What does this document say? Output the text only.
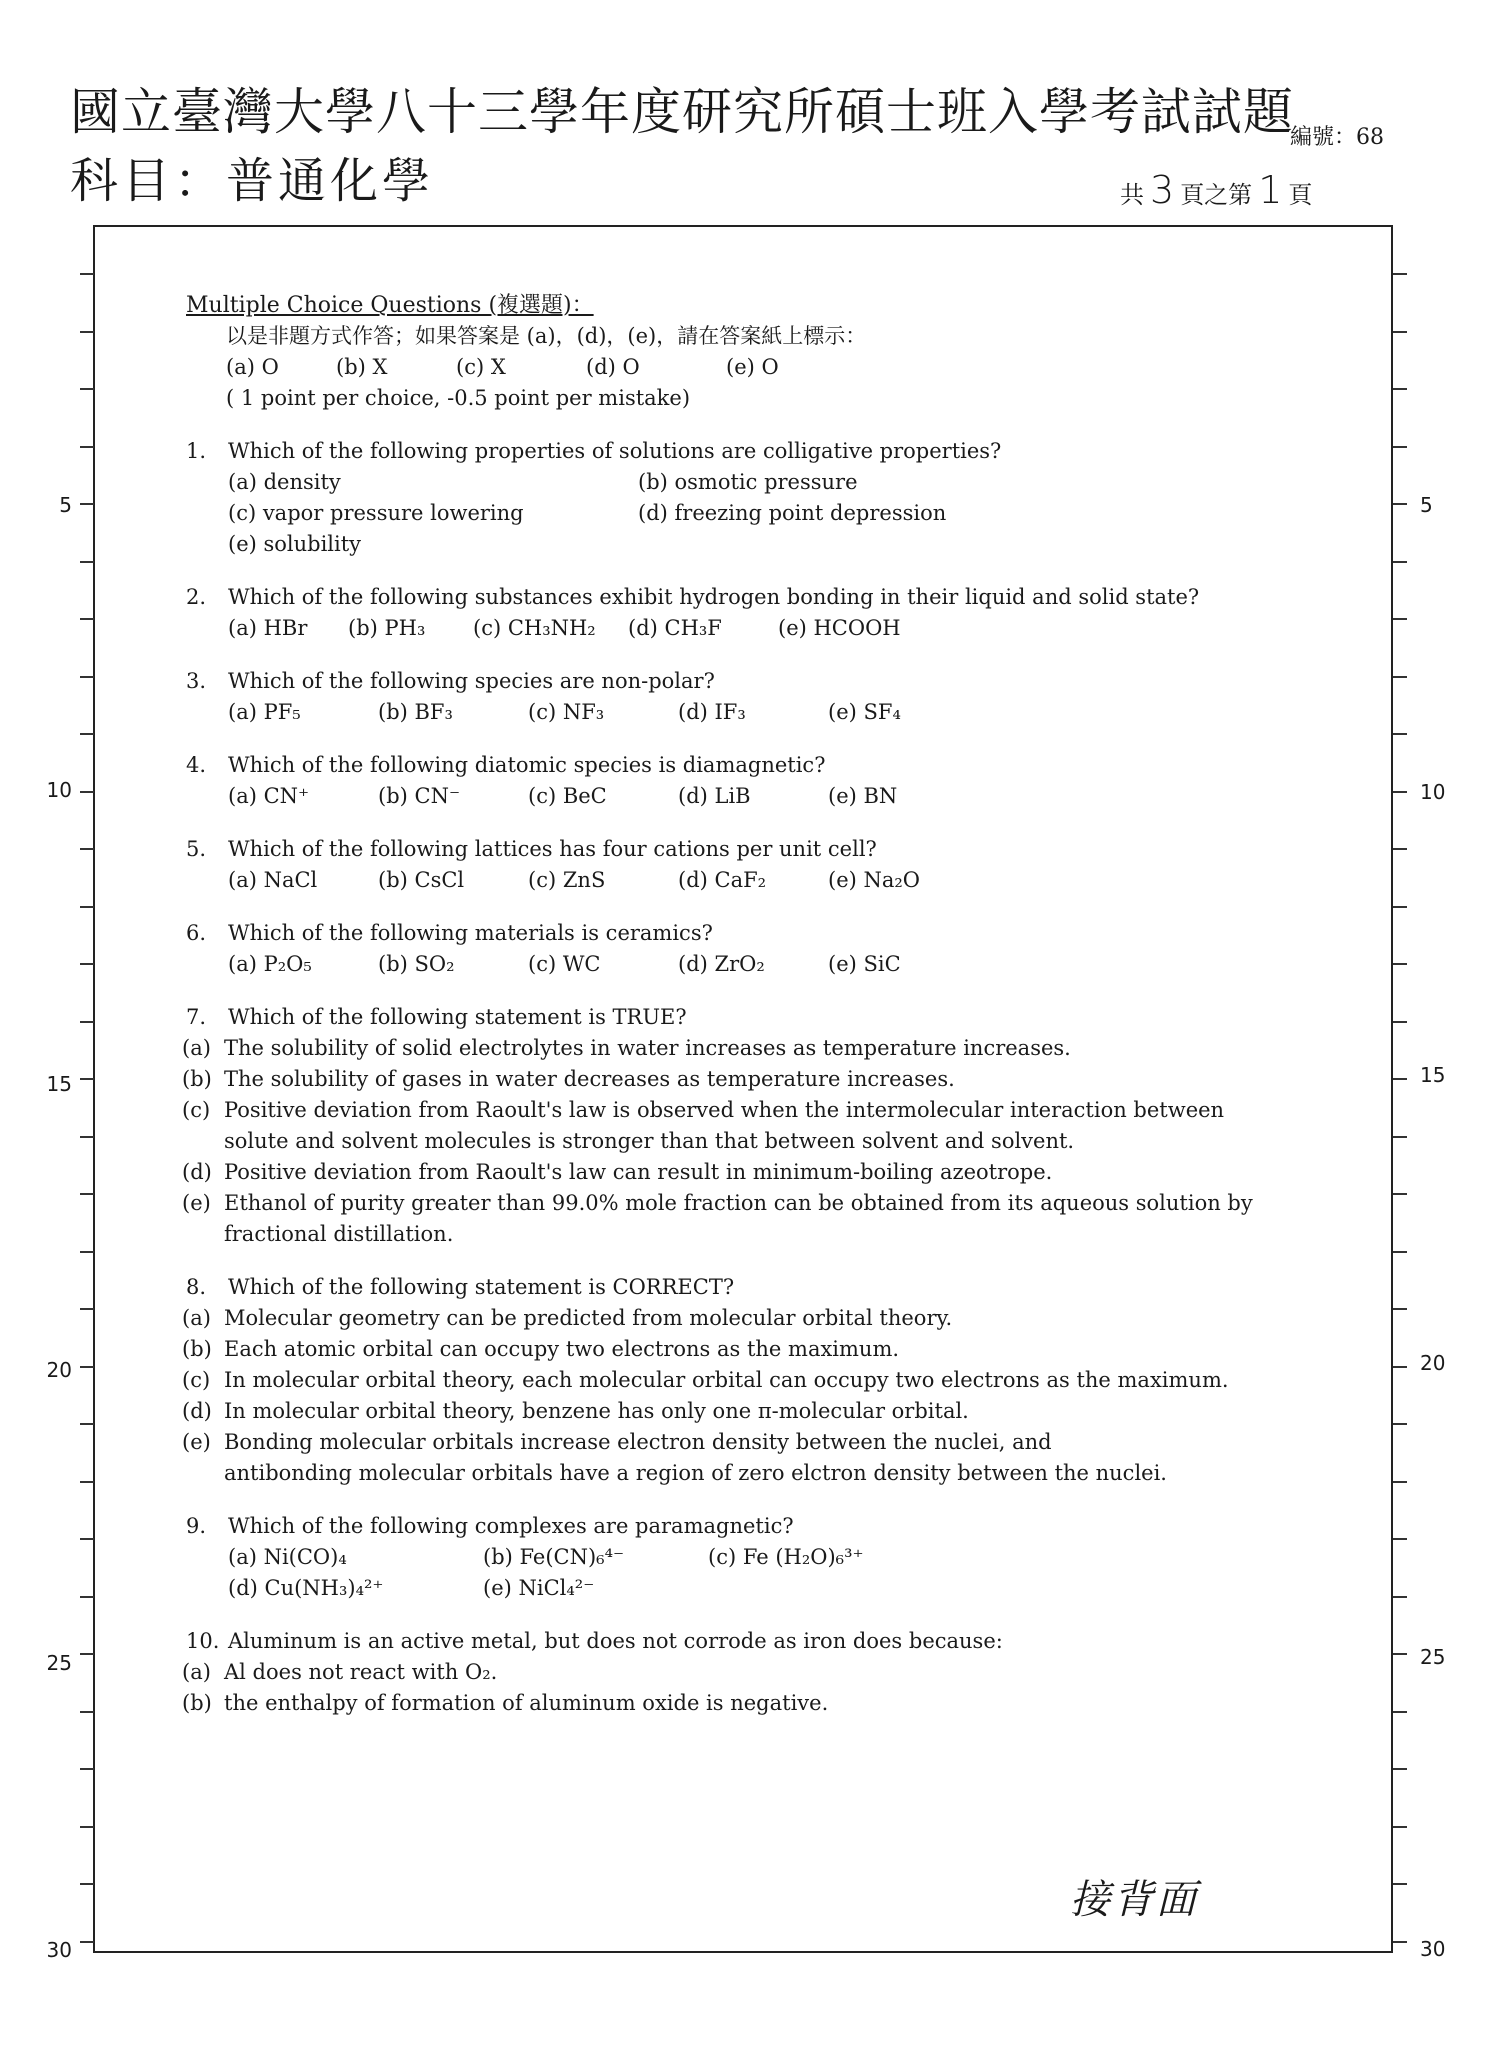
國立臺灣大學八十三學年度研究所碩士班入學考試試題
科目：普通化學
編號：68
共 3 頁之第 1 頁
5
10
15
20
25
30
5
10
15
20
25
30
Multiple Choice Questions (複選題)：
以是非題方式作答；如果答案是 (a)，(d)，(e)，請在答案紙上標示：
(a) O	(b) X	(c) X	(d) O	(e) O
( 1 point per choice, -0.5 point per mistake)
1.	Which of the following properties of solutions are colligative properties?
(a) density	(b) osmotic pressure
(c) vapor pressure lowering	(d) freezing point depression
(e) solubility
2.	Which of the following substances exhibit hydrogen bonding in their liquid and solid state?
(a) HBr	(b) PH₃	(c) CH₃NH₂	(d) CH₃F	(e) HCOOH
3.	Which of the following species are non-polar?
(a) PF₅	(b) BF₃	(c) NF₃	(d) IF₃	(e) SF₄
4.	Which of the following diatomic species is diamagnetic?
(a) CN⁺	(b) CN⁻	(c) BeC	(d) LiB	(e) BN
5.	Which of the following lattices has four cations per unit cell?
(a) NaCl	(b) CsCl	(c) ZnS	(d) CaF₂	(e) Na₂O
6.	Which of the following materials is ceramics?
(a) P₂O₅	(b) SO₂	(c) WC	(d) ZrO₂	(e) SiC
7.	Which of the following statement is TRUE?
(a) The solubility of solid electrolytes in water increases as temperature increases.
(b) The solubility of gases in water decreases as temperature increases.
(c) Positive deviation from Raoult's law is observed when the intermolecular interaction between solute and solvent molecules is stronger than that between solvent and solvent.
(d) Positive deviation from Raoult's law can result in minimum-boiling azeotrope.
(e) Ethanol of purity greater than 99.0% mole fraction can be obtained from its aqueous solution by fractional distillation.
8.	Which of the following statement is CORRECT?
(a) Molecular geometry can be predicted from molecular orbital theory.
(b) Each atomic orbital can occupy two electrons as the maximum.
(c) In molecular orbital theory, each molecular orbital can occupy two electrons as the maximum.
(d) In molecular orbital theory, benzene has only one π-molecular orbital.
(e) Bonding molecular orbitals increase electron density between the nuclei, and antibonding molecular orbitals have a region of zero elctron density between the nuclei.
9.	Which of the following complexes are paramagnetic?
(a) Ni(CO)₄	(b) Fe(CN)₆⁴⁻	(c) Fe (H₂O)₆³⁺
(d) Cu(NH₃)₄²⁺	(e) NiCl₄²⁻
10. Aluminum is an active metal, but does not corrode as iron does because:
(a) Al does not react with O₂.
(b) the enthalpy of formation of aluminum oxide is negative.
接背面
